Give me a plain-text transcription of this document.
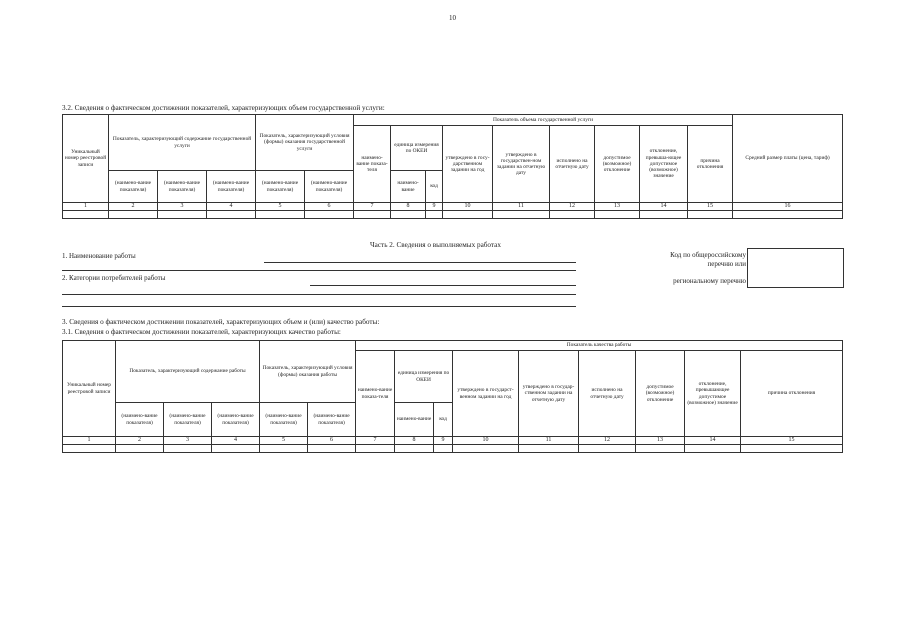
10
3.2. Сведения о фактическом достижении показателей, характеризующих объем государственной услуги:
Уникальный номер реестровой записи	Показатель, характеризующий содержание государственной услуги			Показатель, характеризующий условия (формы) оказания государственной услуги		Показатель объема государственной услуги									Средний размер платы (цена, тариф)
						наимено-вание показа-теля	единица измерения по ОКЕИ		утверждено в госу-дарственном задании на год	утверждено в государствен-ном задании на отчетную дату	исполнено на отчетную дату	допустимое (возможное) отклонение	отклонение, превыша-ющее допустимое (возможное) значение	причина отклонения	
	(наимено-вание показателя)	(наимено-вание показателя)	(наимено-вание показателя)	(наимено-вание показателя)	(наимено-вание показателя)		наимено-вание	код							
1	2	3	4	5	6	7	8	9	10	11	12	13	14	15	16

Часть 2. Сведения о выполняемых работах
1. Наименование работы
2. Категории потребителей работы
Код по общероссийскому
перечню или
региональному перечню
3. Сведения о фактическом достижении показателей, характеризующих объем и (или) качество работы:
3.1. Сведения о фактическом достижении показателей, характеризующих качество работы:
Уникальный номер реестровой записи	Показатель, характеризующий содержание работы			Показатель, характеризующий условия (формы) оказания работы		Показатель качества работы								
						наимено-вание показа-теля	единица измерения по ОКЕИ		утверждено в государст-венном задании на год	утверждено в государ-ственном задании на отчетную дату	исполнено на отчетную дату	допустимое (возможное) отклонение	отклонение, превышающее допустимое (возможное) значение	причина отклонения
	(наимено-вание показателя)	(наимено-вание показателя)	(наимено-вание показателя)	(наимено-вание показателя)	(наимено-вание показателя)		наимено-вание	код						
1	2	3	4	5	6	7	8	9	10	11	12	13	14	15
